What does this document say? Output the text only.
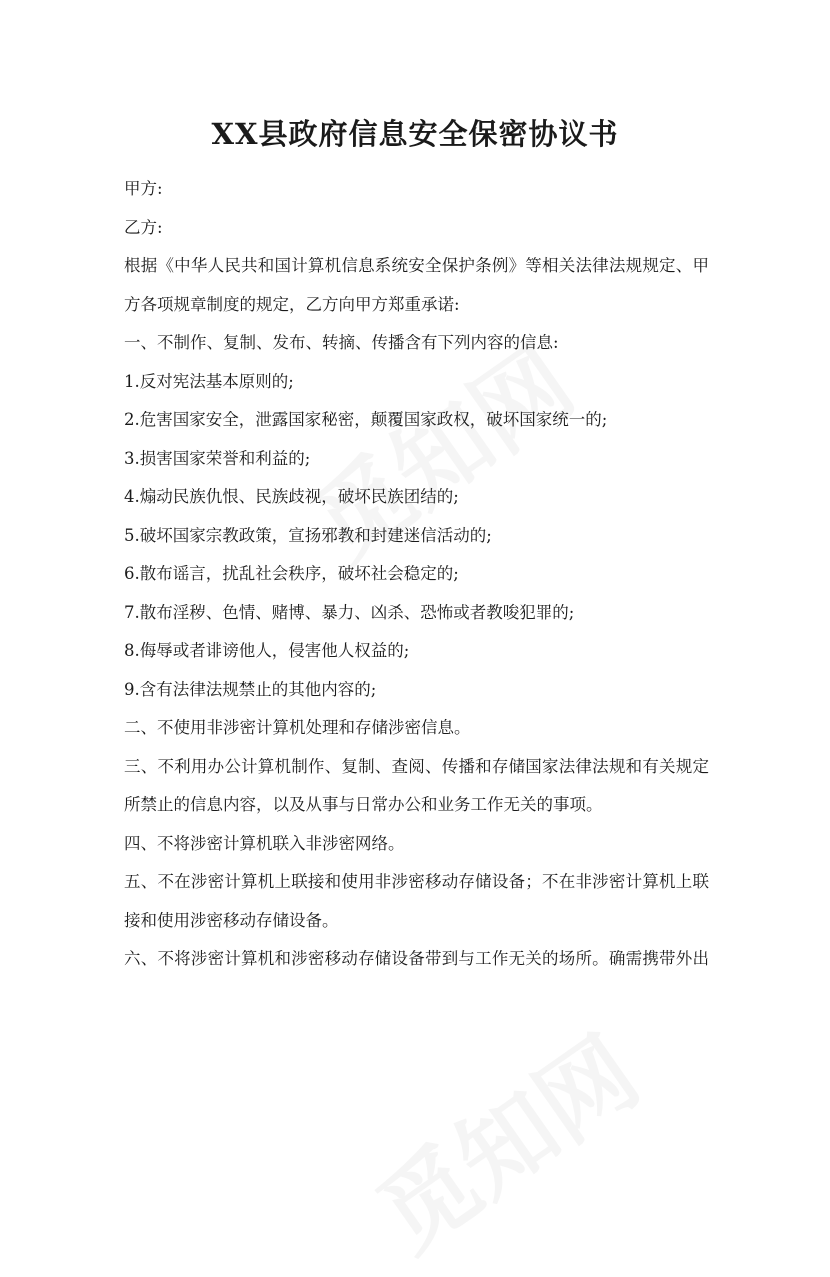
XX县政府信息安全保密协议书
甲方:
乙方:
根据《中华人民共和国计算机信息系统安全保护条例》等相关法律法规规定、甲
方各项规章制度的规定，乙方向甲方郑重承诺:
一、不制作、复制、发布、转摘、传播含有下列内容的信息:
1.反对宪法基本原则的;
2.危害国家安全，泄露国家秘密，颠覆国家政权，破坏国家统一的;
3.损害国家荣誉和利益的;
4.煽动民族仇恨、民族歧视，破坏民族团结的;
5.破坏国家宗教政策，宣扬邪教和封建迷信活动的;
6.散布谣言，扰乱社会秩序，破坏社会稳定的;
7.散布淫秽、色情、赌博、暴力、凶杀、恐怖或者教唆犯罪的;
8.侮辱或者诽谤他人，侵害他人权益的;
9.含有法律法规禁止的其他内容的;
二、不使用非涉密计算机处理和存储涉密信息。
三、不利用办公计算机制作、复制、查阅、传播和存储国家法律法规和有关规定
所禁止的信息内容，以及从事与日常办公和业务工作无关的事项。
四、不将涉密计算机联入非涉密网络。
五、不在涉密计算机上联接和使用非涉密移动存储设备；不在非涉密计算机上联
接和使用涉密移动存储设备。
六、不将涉密计算机和涉密移动存储设备带到与工作无关的场所。确需携带外出
